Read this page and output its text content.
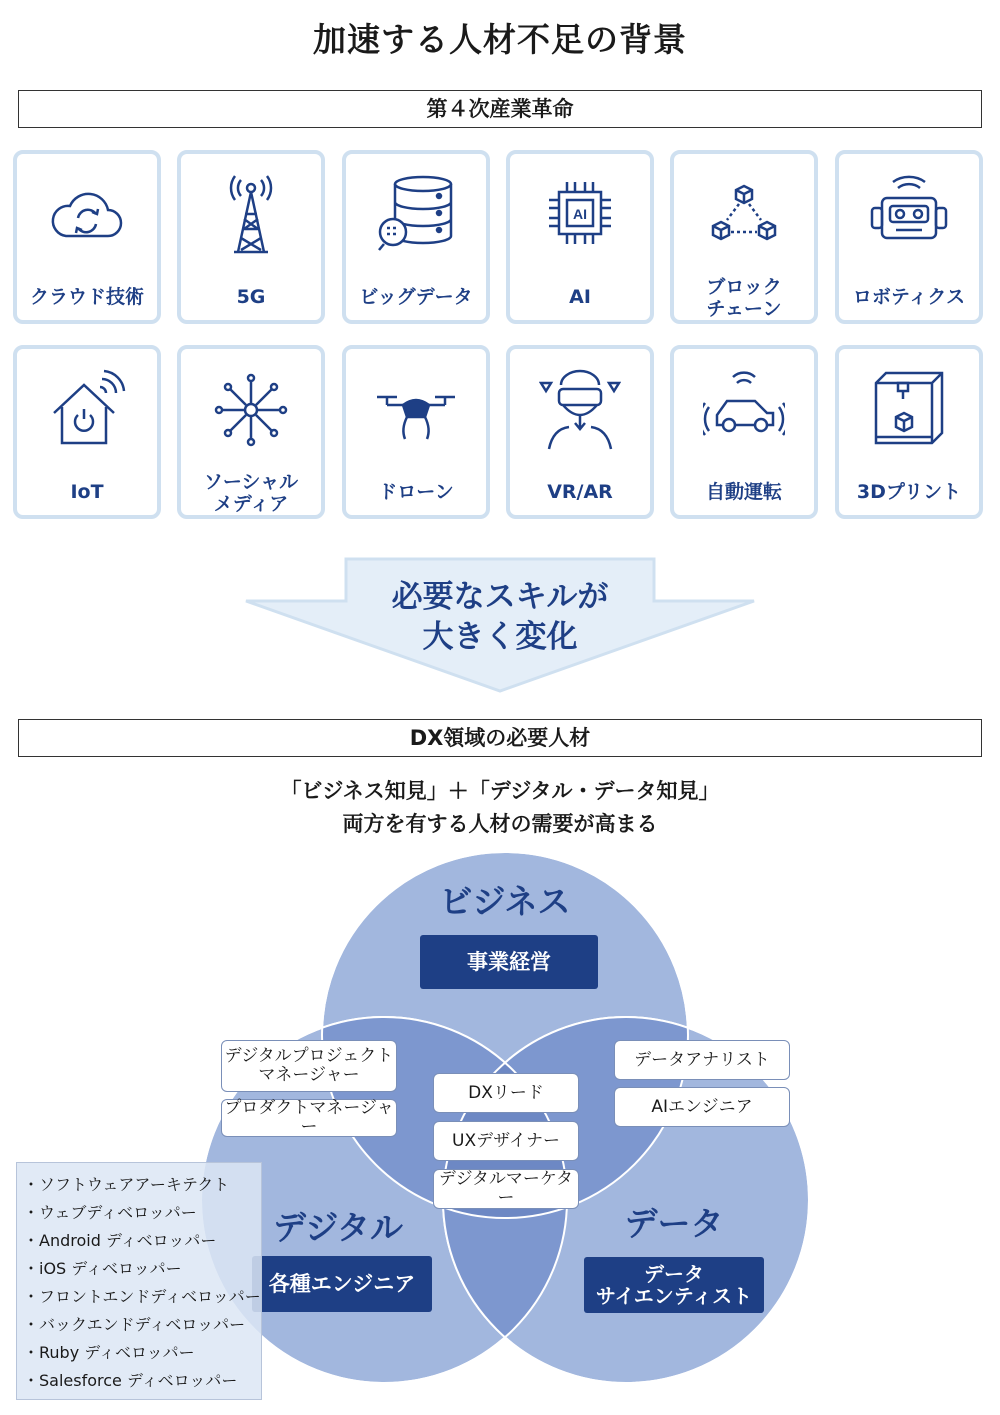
加速する人材不足の背景
第４次産業革命
クラウド技術	5G	ビッグデータ
AI
AI	ブロック
チェーン
ロボティクス
IoT	ソーシャル
メディア
ドローン	VR/AR	自動運転	3Dプリント
必要なスキルが
大きく変化
DX領域の必要人材
「ビジネス知見」＋「デジタル・データ知見」
両方を有する人材の需要が高まる
ビジネス
事業経営
デジタル
各種エンジニア
データ
データ
サイエンティスト
デジタルプロジェクト
マネージャー
プロダクトマネージャー
データアナリスト
AIエンジニア
DXリード
UXデザイナー
デジタルマーケター
・ソフトウェアアーキテクト
・ウェブディベロッパー
・Android ディベロッパー
・iOS ディベロッパー
・フロントエンドディベロッパー
・バックエンドディベロッパー
・Ruby ディベロッパー
・Salesforce ディベロッパー
